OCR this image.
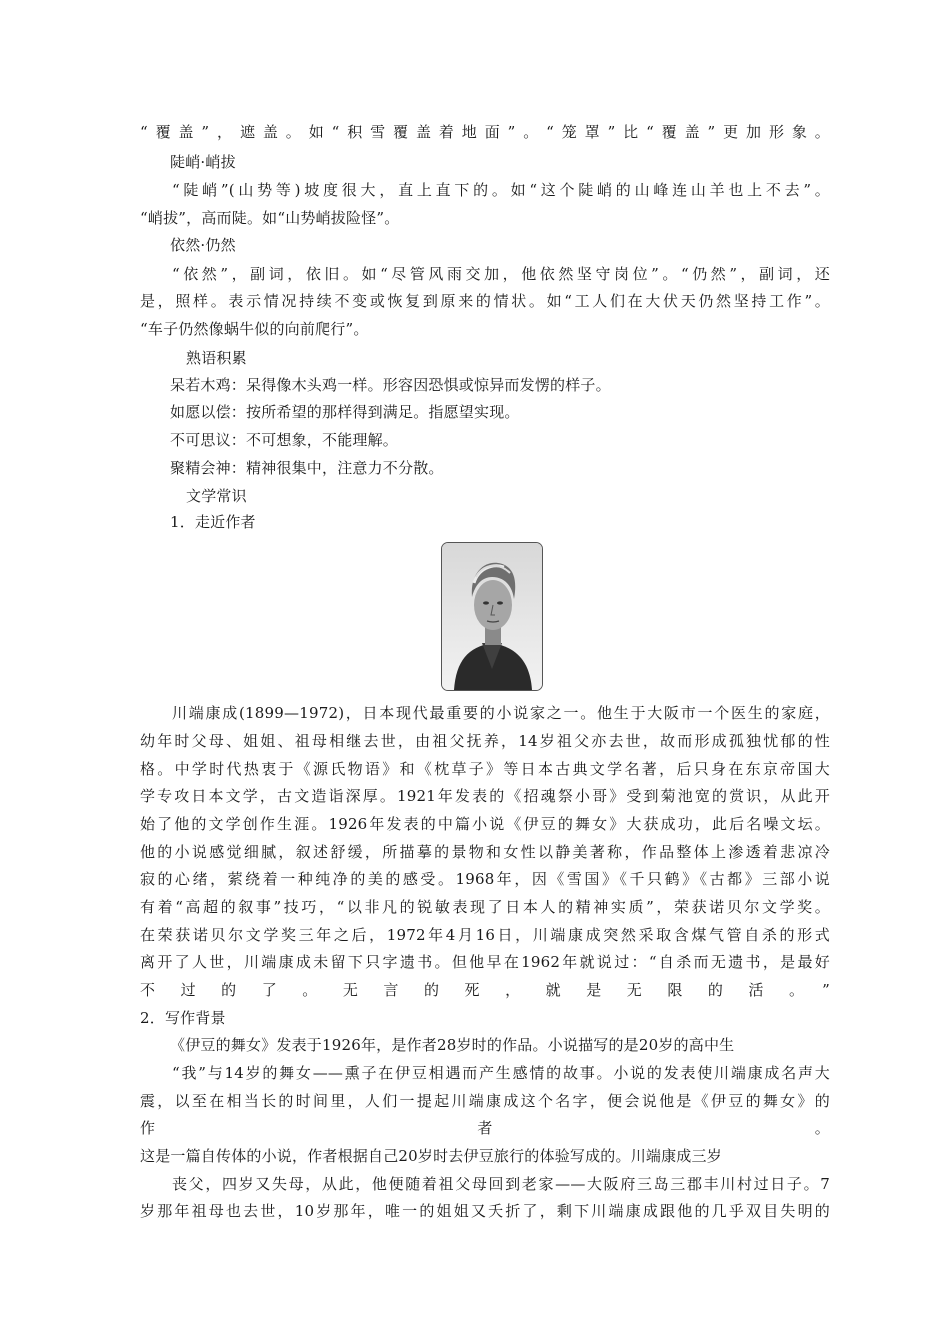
“覆盖”，遮盖。如“积雪覆盖着地面”。“笼罩”比“覆盖”更加形象。
陡峭·峭拔
“陡峭”(山势等)坡度很大，直上直下的。如“这个陡峭的山峰连山羊也上不去”。
“峭拔”，高而陡。如“山势峭拔险怪”。
依然·仍然
“依然”，副词，依旧。如“尽管风雨交加，他依然坚守岗位”。“仍然”，副词，还
是，照样。表示情况持续不变或恢复到原来的情状。如“工人们在大伏天仍然坚持工作”。
“车子仍然像蜗牛似的向前爬行”。
熟语积累
呆若木鸡：呆得像木头鸡一样。形容因恐惧或惊异而发愣的样子。
如愿以偿：按所希望的那样得到满足。指愿望实现。
不可思议：不可想象，不能理解。
聚精会神：精神很集中，注意力不分散。
文学常识
1．走近作者
川端康成(1899—1972)，日本现代最重要的小说家之一。他生于大阪市一个医生的家庭，
幼年时父母、姐姐、祖母相继去世，由祖父抚养，14岁祖父亦去世，故而形成孤独忧郁的性
格。中学时代热衷于《源氏物语》和《枕草子》等日本古典文学名著，后只身在东京帝国大
学专攻日本文学，古文造诣深厚。1921年发表的《招魂祭小哥》受到菊池宽的赏识，从此开
始了他的文学创作生涯。1926年发表的中篇小说《伊豆的舞女》大获成功，此后名噪文坛。
他的小说感觉细腻，叙述舒缓，所描摹的景物和女性以静美著称，作品整体上渗透着悲凉冷
寂的心绪，萦绕着一种纯净的美的感受。1968年，因《雪国》《千只鹤》《古都》三部小说
有着“高超的叙事”技巧，“以非凡的锐敏表现了日本人的精神实质”，荣获诺贝尔文学奖。
在荣获诺贝尔文学奖三年之后，1972年4月16日，川端康成突然采取含煤气管自杀的形式
离开了人世，川端康成未留下只字遗书。但他早在1962年就说过：“自杀而无遗书，是最好
不过的了。无言的死，就是无限的活。”
2．写作背景
《伊豆的舞女》发表于1926年，是作者28岁时的作品。小说描写的是20岁的高中生
“我”与14岁的舞女——熏子在伊豆相遇而产生感情的故事。小说的发表使川端康成名声大
震，以至在相当长的时间里，人们一提起川端康成这个名字，便会说他是《伊豆的舞女》的
作者。
这是一篇自传体的小说，作者根据自己20岁时去伊豆旅行的体验写成的。川端康成三岁
丧父，四岁又失母，从此，他便随着祖父母回到老家——大阪府三岛三郡丰川村过日子。7
岁那年祖母也去世，10岁那年，唯一的姐姐又夭折了，剩下川端康成跟他的几乎双目失明的
